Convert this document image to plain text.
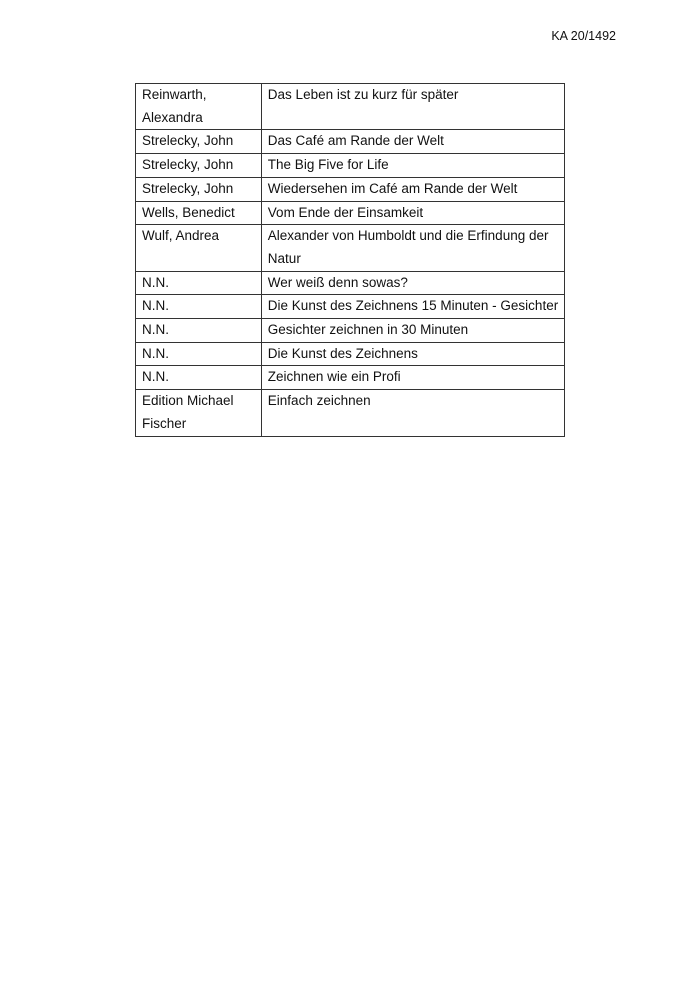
KA 20/1492
Reinwarth,
Alexandra	Das Leben ist zu kurz für später

Strelecky, John	Das Café am Rande der Welt

Strelecky, John	The Big Five for Life

Strelecky, John	Wiedersehen im Café am Rande der Welt

Wells, Benedict	Vom Ende der Einsamkeit

Wulf, Andrea	Alexander von Humboldt und die Erfindung der Natur

N.N.	Wer weiß denn sowas?

N.N.	Die Kunst des Zeichnens 15 Minuten - Gesichter

N.N.	Gesichter zeichnen in 30 Minuten

N.N.	Die Kunst des Zeichnens

N.N.	Zeichnen wie ein Profi

Edition Michael
Fischer	Einfach zeichnen
